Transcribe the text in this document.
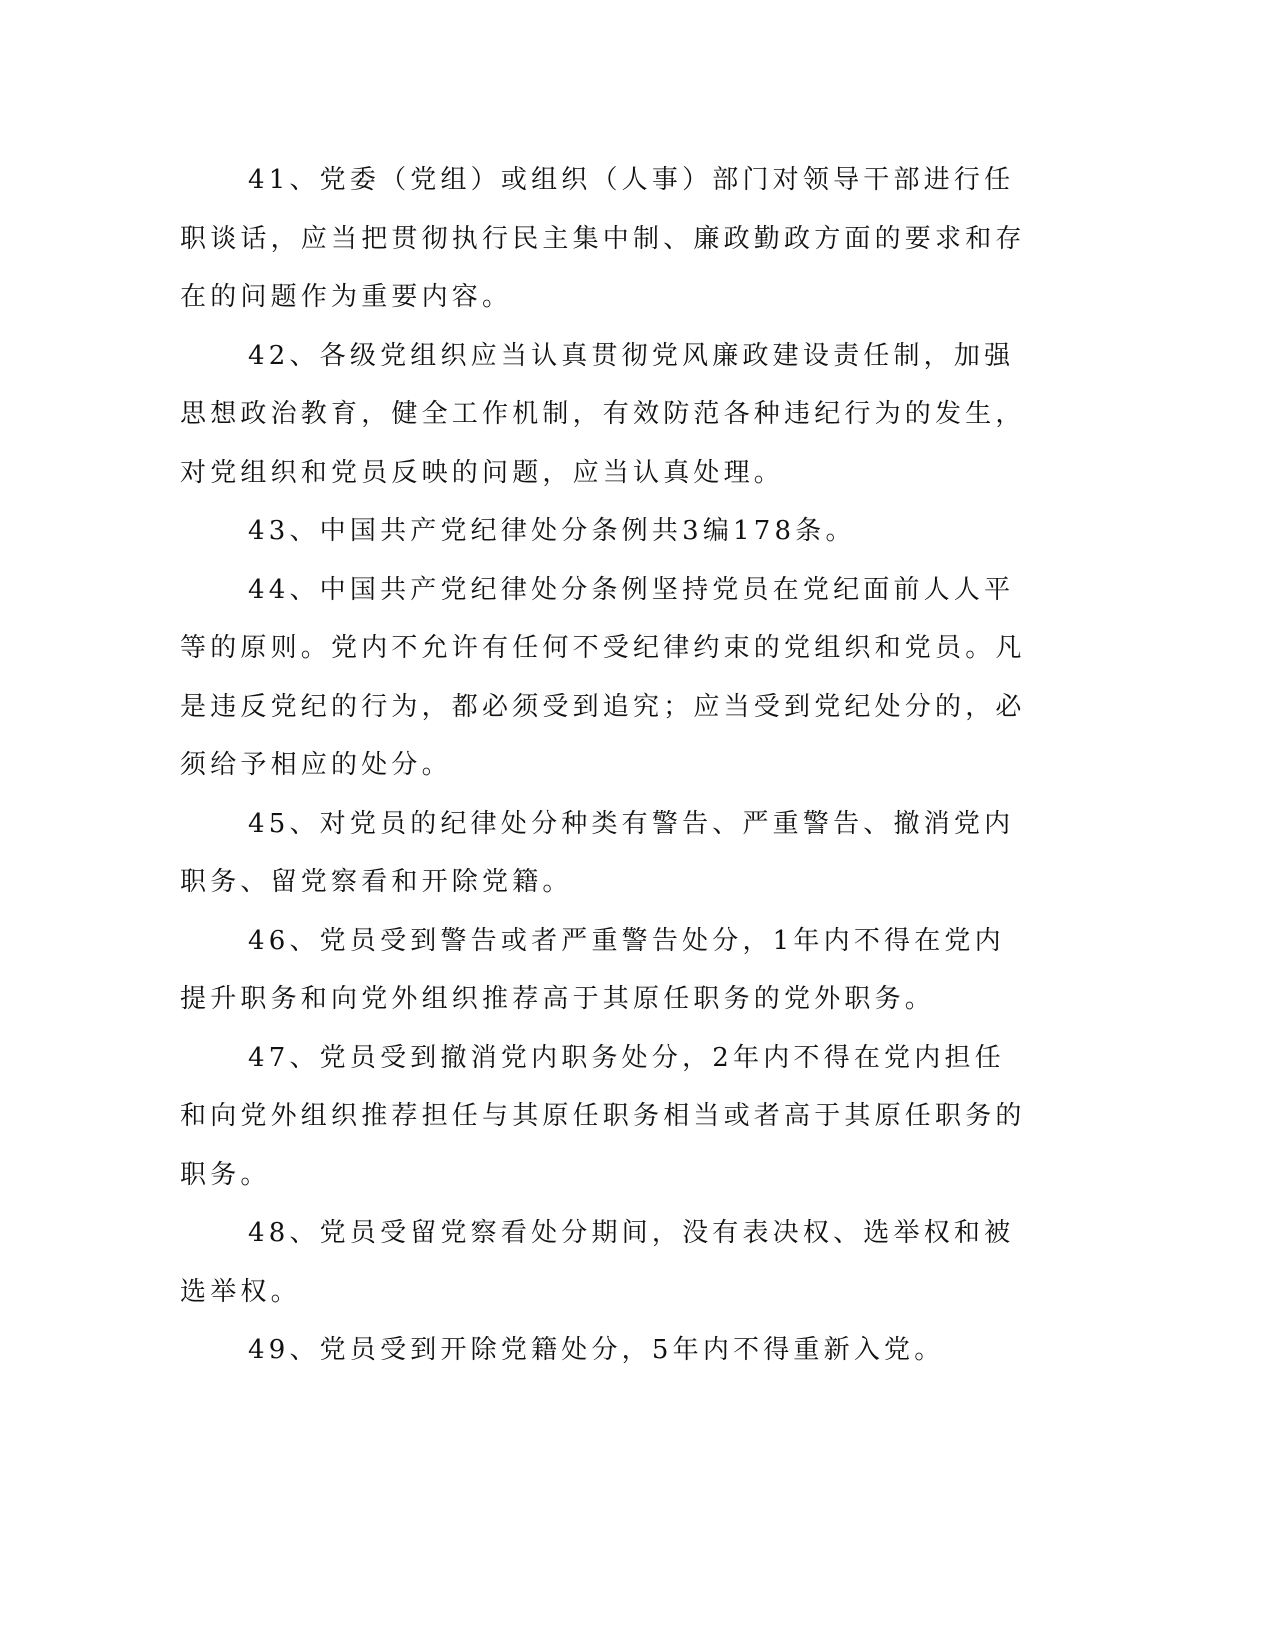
41、党委（党组）或组织（人事）部门对领导干部进行任职谈话，应当把贯彻执行民主集中制、廉政勤政方面的要求和存在的问题作为重要内容。

42、各级党组织应当认真贯彻党风廉政建设责任制，加强思想政治教育，健全工作机制，有效防范各种违纪行为的发生，对党组织和党员反映的问题，应当认真处理。

43、中国共产党纪律处分条例共3编178条。

44、中国共产党纪律处分条例坚持党员在党纪面前人人平等的原则。党内不允许有任何不受纪律约束的党组织和党员。凡是违反党纪的行为，都必须受到追究；应当受到党纪处分的，必须给予相应的处分。

45、对党员的纪律处分种类有警告、严重警告、撤消党内职务、留党察看和开除党籍。

46、党员受到警告或者严重警告处分，1年内不得在党内提升职务和向党外组织推荐高于其原任职务的党外职务。

47、党员受到撤消党内职务处分，2年内不得在党内担任和向党外组织推荐担任与其原任职务相当或者高于其原任职务的职务。

48、党员受留党察看处分期间，没有表决权、选举权和被选举权。

49、党员受到开除党籍处分，5年内不得重新入党。
